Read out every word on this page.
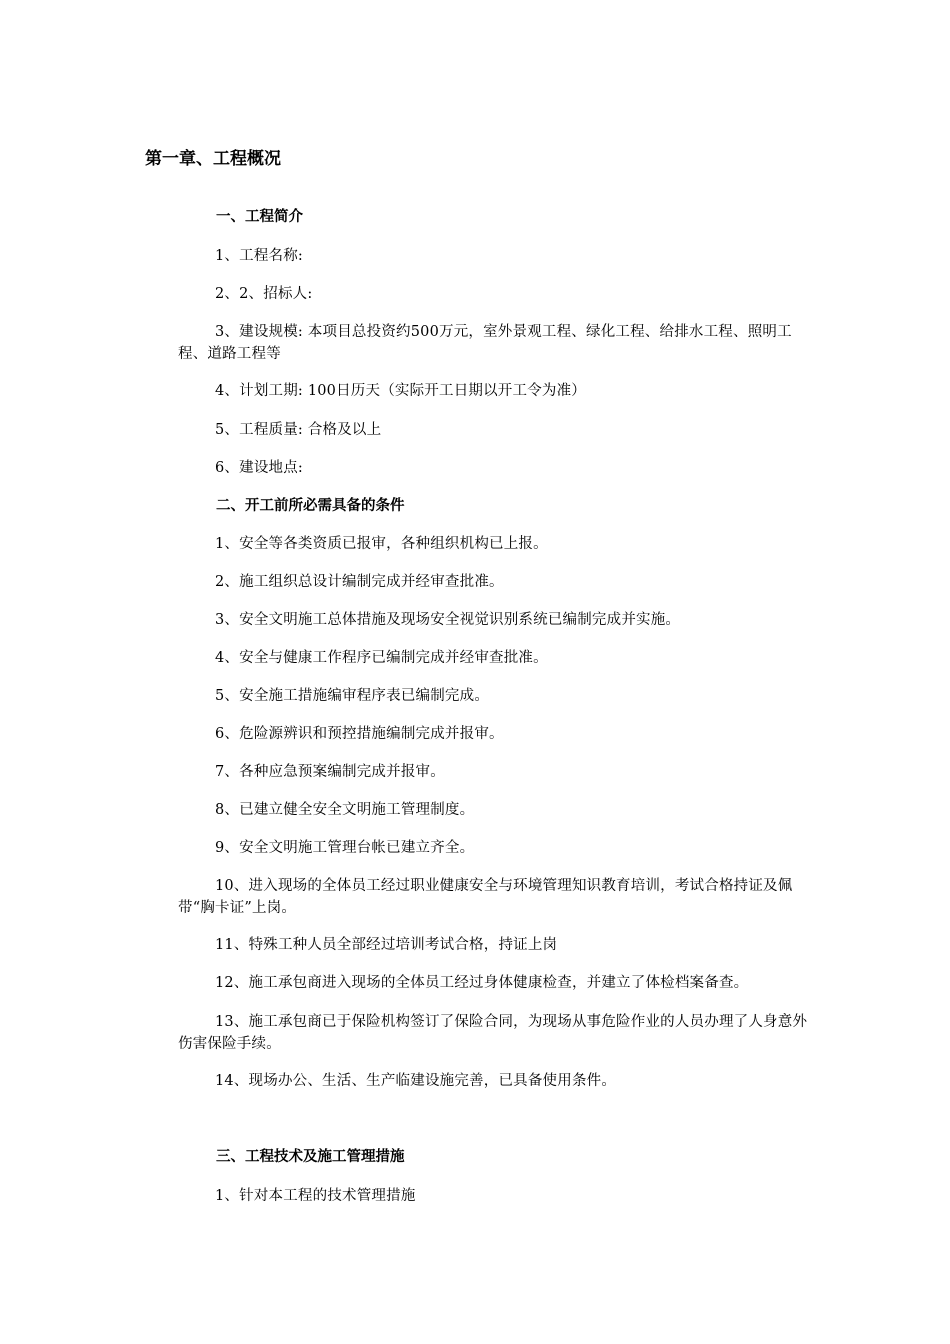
第一章、工程概况
一、工程简介
1、工程名称:
2、2、招标人:
3、建设规模: 本项目总投资约500万元，室外景观工程、绿化工程、给排水工程、照明工程、道路工程等
4、计划工期: 100日历天（实际开工日期以开工令为准）
5、工程质量: 合格及以上
6、建设地点:
二、开工前所必需具备的条件
1、安全等各类资质已报审，各种组织机构已上报。
2、施工组织总设计编制完成并经审查批准。
3、安全文明施工总体措施及现场安全视觉识别系统已编制完成并实施。
4、安全与健康工作程序已编制完成并经审查批准。
5、安全施工措施编审程序表已编制完成。
6、危险源辨识和预控措施编制完成并报审。
7、各种应急预案编制完成并报审。
8、已建立健全安全文明施工管理制度。
9、安全文明施工管理台帐已建立齐全。
10、进入现场的全体员工经过职业健康安全与环境管理知识教育培训，考试合格持证及佩带“胸卡证”上岗。
11、特殊工种人员全部经过培训考试合格，持证上岗
12、施工承包商进入现场的全体员工经过身体健康检查，并建立了体检档案备查。
13、施工承包商已于保险机构签订了保险合同，为现场从事危险作业的人员办理了人身意外伤害保险手续。
14、现场办公、生活、生产临建设施完善，已具备使用条件。
三、工程技术及施工管理措施
1、针对本工程的技术管理措施
